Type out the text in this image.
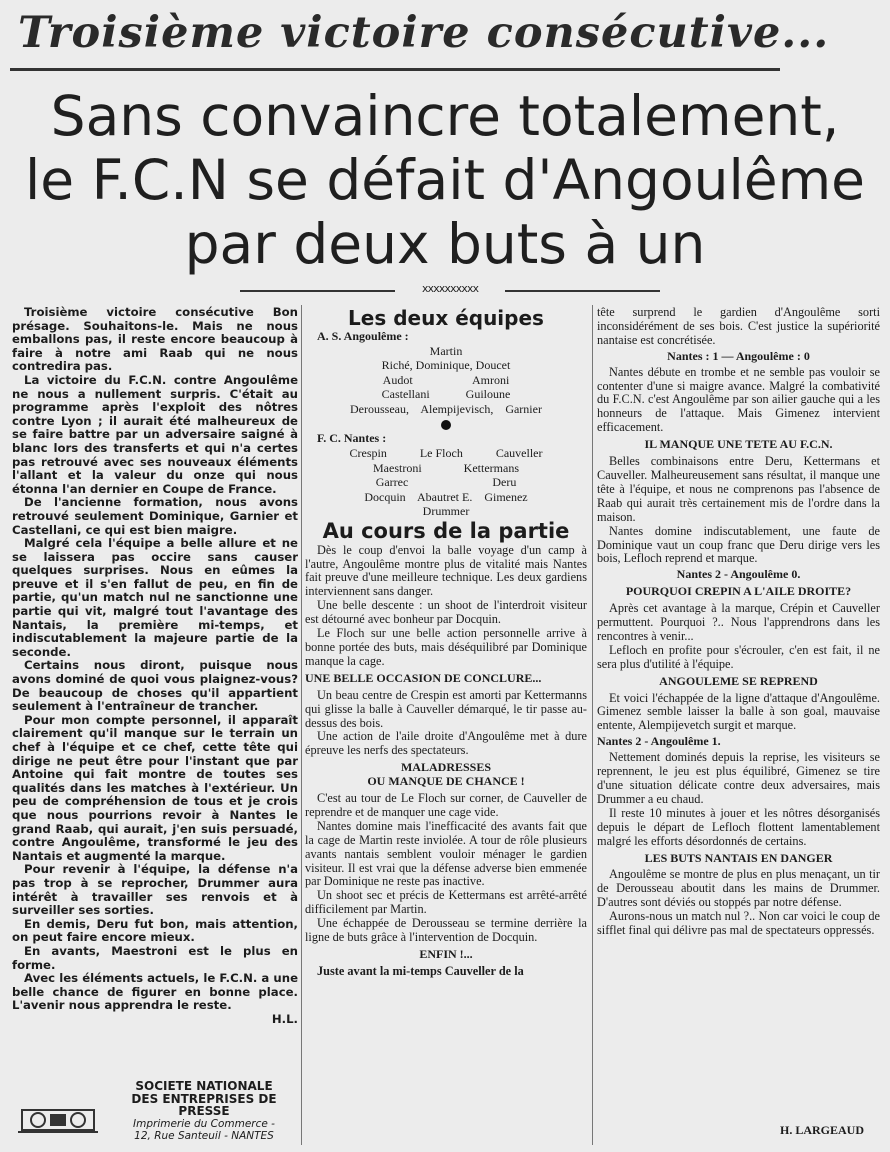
Troisième victoire consécutive...
Sans convaincre totalement,
le F.C.N se défait d'Angoulême
par deux buts à un
xxxxxxxxxx

Troisième victoire consécutive Bon présage. Souhaitons-le. Mais ne nous emballons pas, il reste encore beaucoup à faire à notre ami Raab qui ne nous contredira pas.

La victoire du F.C.N. contre Angoulême ne nous a nullement surpris. C'était au programme après l'exploit des nôtres contre Lyon ; il aurait été malheureux de se faire battre par un adversaire saigné à blanc lors des transferts et qui n'a certes pas retrouvé avec ses nouveaux éléments l'allant et la valeur du onze qui nous étonna l'an dernier en Coupe de France.

De l'ancienne formation, nous avons retrouvé seulement Dominique, Garnier et Castellani, ce qui est bien maigre.

Malgré cela l'équipe a belle allure et ne se laissera pas occire sans causer quelques surprises. Nous en eûmes la preuve et il s'en fallut de peu, en fin de partie, qu'un match nul ne sanctionne une partie qui vit, malgré tout l'avantage des Nantais, la première mi-temps, et indiscutablement la majeure partie de la seconde.

Certains nous diront, puisque nous avons dominé de quoi vous plaignez-vous? De beaucoup de choses qu'il appartient seulement à l'entraîneur de trancher.

Pour mon compte personnel, il apparaît clairement qu'il manque sur le terrain un chef à l'équipe et ce chef, cette tête qui dirige ne peut être pour l'instant que par Antoine qui fait montre de toutes ses qualités dans les matches à l'extérieur. Un peu de compréhension de tous et je crois que nous pourrions revoir à Nantes le grand Raab, qui aurait, j'en suis persuadé, contre Angoulême, transformé le jeu des Nantais et augmenté la marque.

Pour revenir à l'équipe, la défense n'a pas trop à se reprocher, Drummer aura intérêt à travailler ses renvois et à surveiller ses sorties.

En demis, Deru fut bon, mais attention, on peut faire encore mieux.

En avants, Maestroni est le plus en forme.

Avec les éléments actuels, le F.C.N. a une belle chance de figurer en bonne place. L'avenir nous apprendra le reste.

H.L.
Les deux équipes
A. S. Angoulême :
Martin
Riché, Dominique, Doucet
Audot                    Amroni
Castellani            Guiloune
Derousseau,    Alempijevisch,    Garnier
F. C. Nantes :
Crespin           Le Floch           Cauveller
Maestroni              Kettermans
Garrec                            Deru
Docquin    Abautret E.    Gimenez
Drummer
Au cours de la partie

Dès le coup d'envoi la balle voyage d'un camp à l'autre, Angoulême montre plus de vitalité mais Nantes fait preuve d'une meilleure technique. Les deux gardiens interviennent sans danger.

Une belle descente : un shoot de l'interdroit visiteur est détourné avec bonheur par Docquin.

Le Floch sur une belle action personnelle arrive à bonne portée des buts, mais déséquilibré par Dominique manque la cage.

UNE BELLE OCCASION DE CONCLURE...

Un beau centre de Crespin est amorti par Kettermanns qui glisse la balle à Cauveller démarqué, le tir passe au-dessus des bois.

Une action de l'aile droite d'Angoulême met à dure épreuve les nerfs des spectateurs.

MALADRESSES
OU MANQUE DE CHANCE !

C'est au tour de Le Floch sur corner, de Cauveller de reprendre et de manquer une cage vide.

Nantes domine mais l'inefficacité des avants fait que la cage de Martin reste inviolée. A tour de rôle plusieurs avants nantais semblent vouloir ménager le gardien visiteur. Il est vrai que la défense adverse bien emmenée par Dominique ne reste pas inactive.

Un shoot sec et précis de Kettermans est arrêté-arrêté difficilement par Martin.

Une échappée de Derousseau se termine derrière la ligne de buts grâce à l'intervention de Docquin.

ENFIN !...

Juste avant la mi-temps Cauveller de la

tête surprend le gardien d'Angoulême sorti inconsidérément de ses bois. C'est justice la supériorité nantaise est concrétisée.

Nantes : 1 — Angoulême : 0

Nantes débute en trombe et ne semble pas vouloir se contenter d'une si maigre avance. Malgré la combativité du F.C.N. c'est Angoulême par son ailier gauche qui a les honneurs de l'attaque. Mais Gimenez intervient efficacement.

IL MANQUE UNE TETE AU F.C.N.

Belles combinaisons entre Deru, Kettermans et Cauveller. Malheureusement sans résultat, il manque une tête à l'équipe, et nous ne comprenons pas l'absence de Raab qui aurait très certainement mis de l'ordre dans la maison.

Nantes domine indiscutablement, une faute de Dominique vaut un coup franc que Deru dirige vers les bois, Lefloch reprend et marque.

Nantes 2 - Angoulême 0.
POURQUOI CREPIN A L'AILE DROITE?

Après cet avantage à la marque, Crépin et Cauveller permuttent. Pourquoi ?.. Nous l'apprendrons dans les rencontres à venir...

Lefloch en profite pour s'écrouler, c'en est fait, il ne sera plus d'utilité à l'équipe.

ANGOULEME SE REPREND

Et voici l'échappée de la ligne d'attaque d'Angoulême. Gimenez semble laisser la balle à son goal, mauvaise entente, Alempijevetch surgit et marque.

Nantes 2 - Angoulême 1.

Nettement dominés depuis la reprise, les visiteurs se reprennent, le jeu est plus équilibré, Gimenez se tire d'une situation délicate contre deux adversaires, mais Drummer a eu chaud.

Il reste 10 minutes à jouer et les nôtres désorganisés depuis le départ de Lefloch flottent lamentablement malgré les efforts désordonnés de certains.

LES BUTS NANTAIS EN DANGER

Angoulême se montre de plus en plus menaçant, un tir de Derousseau aboutit dans les mains de Drummer. D'autres sont déviés ou stoppés par notre défense.

Aurons-nous un match nul ?.. Non car voici le coup de sifflet final qui délivre pas mal de spectateurs oppressés.

H. LARGEAUD
SOCIETE NATIONALE
DES ENTREPRISES DE PRESSE
Imprimerie du Commerce -
12, Rue Santeuil - NANTES
